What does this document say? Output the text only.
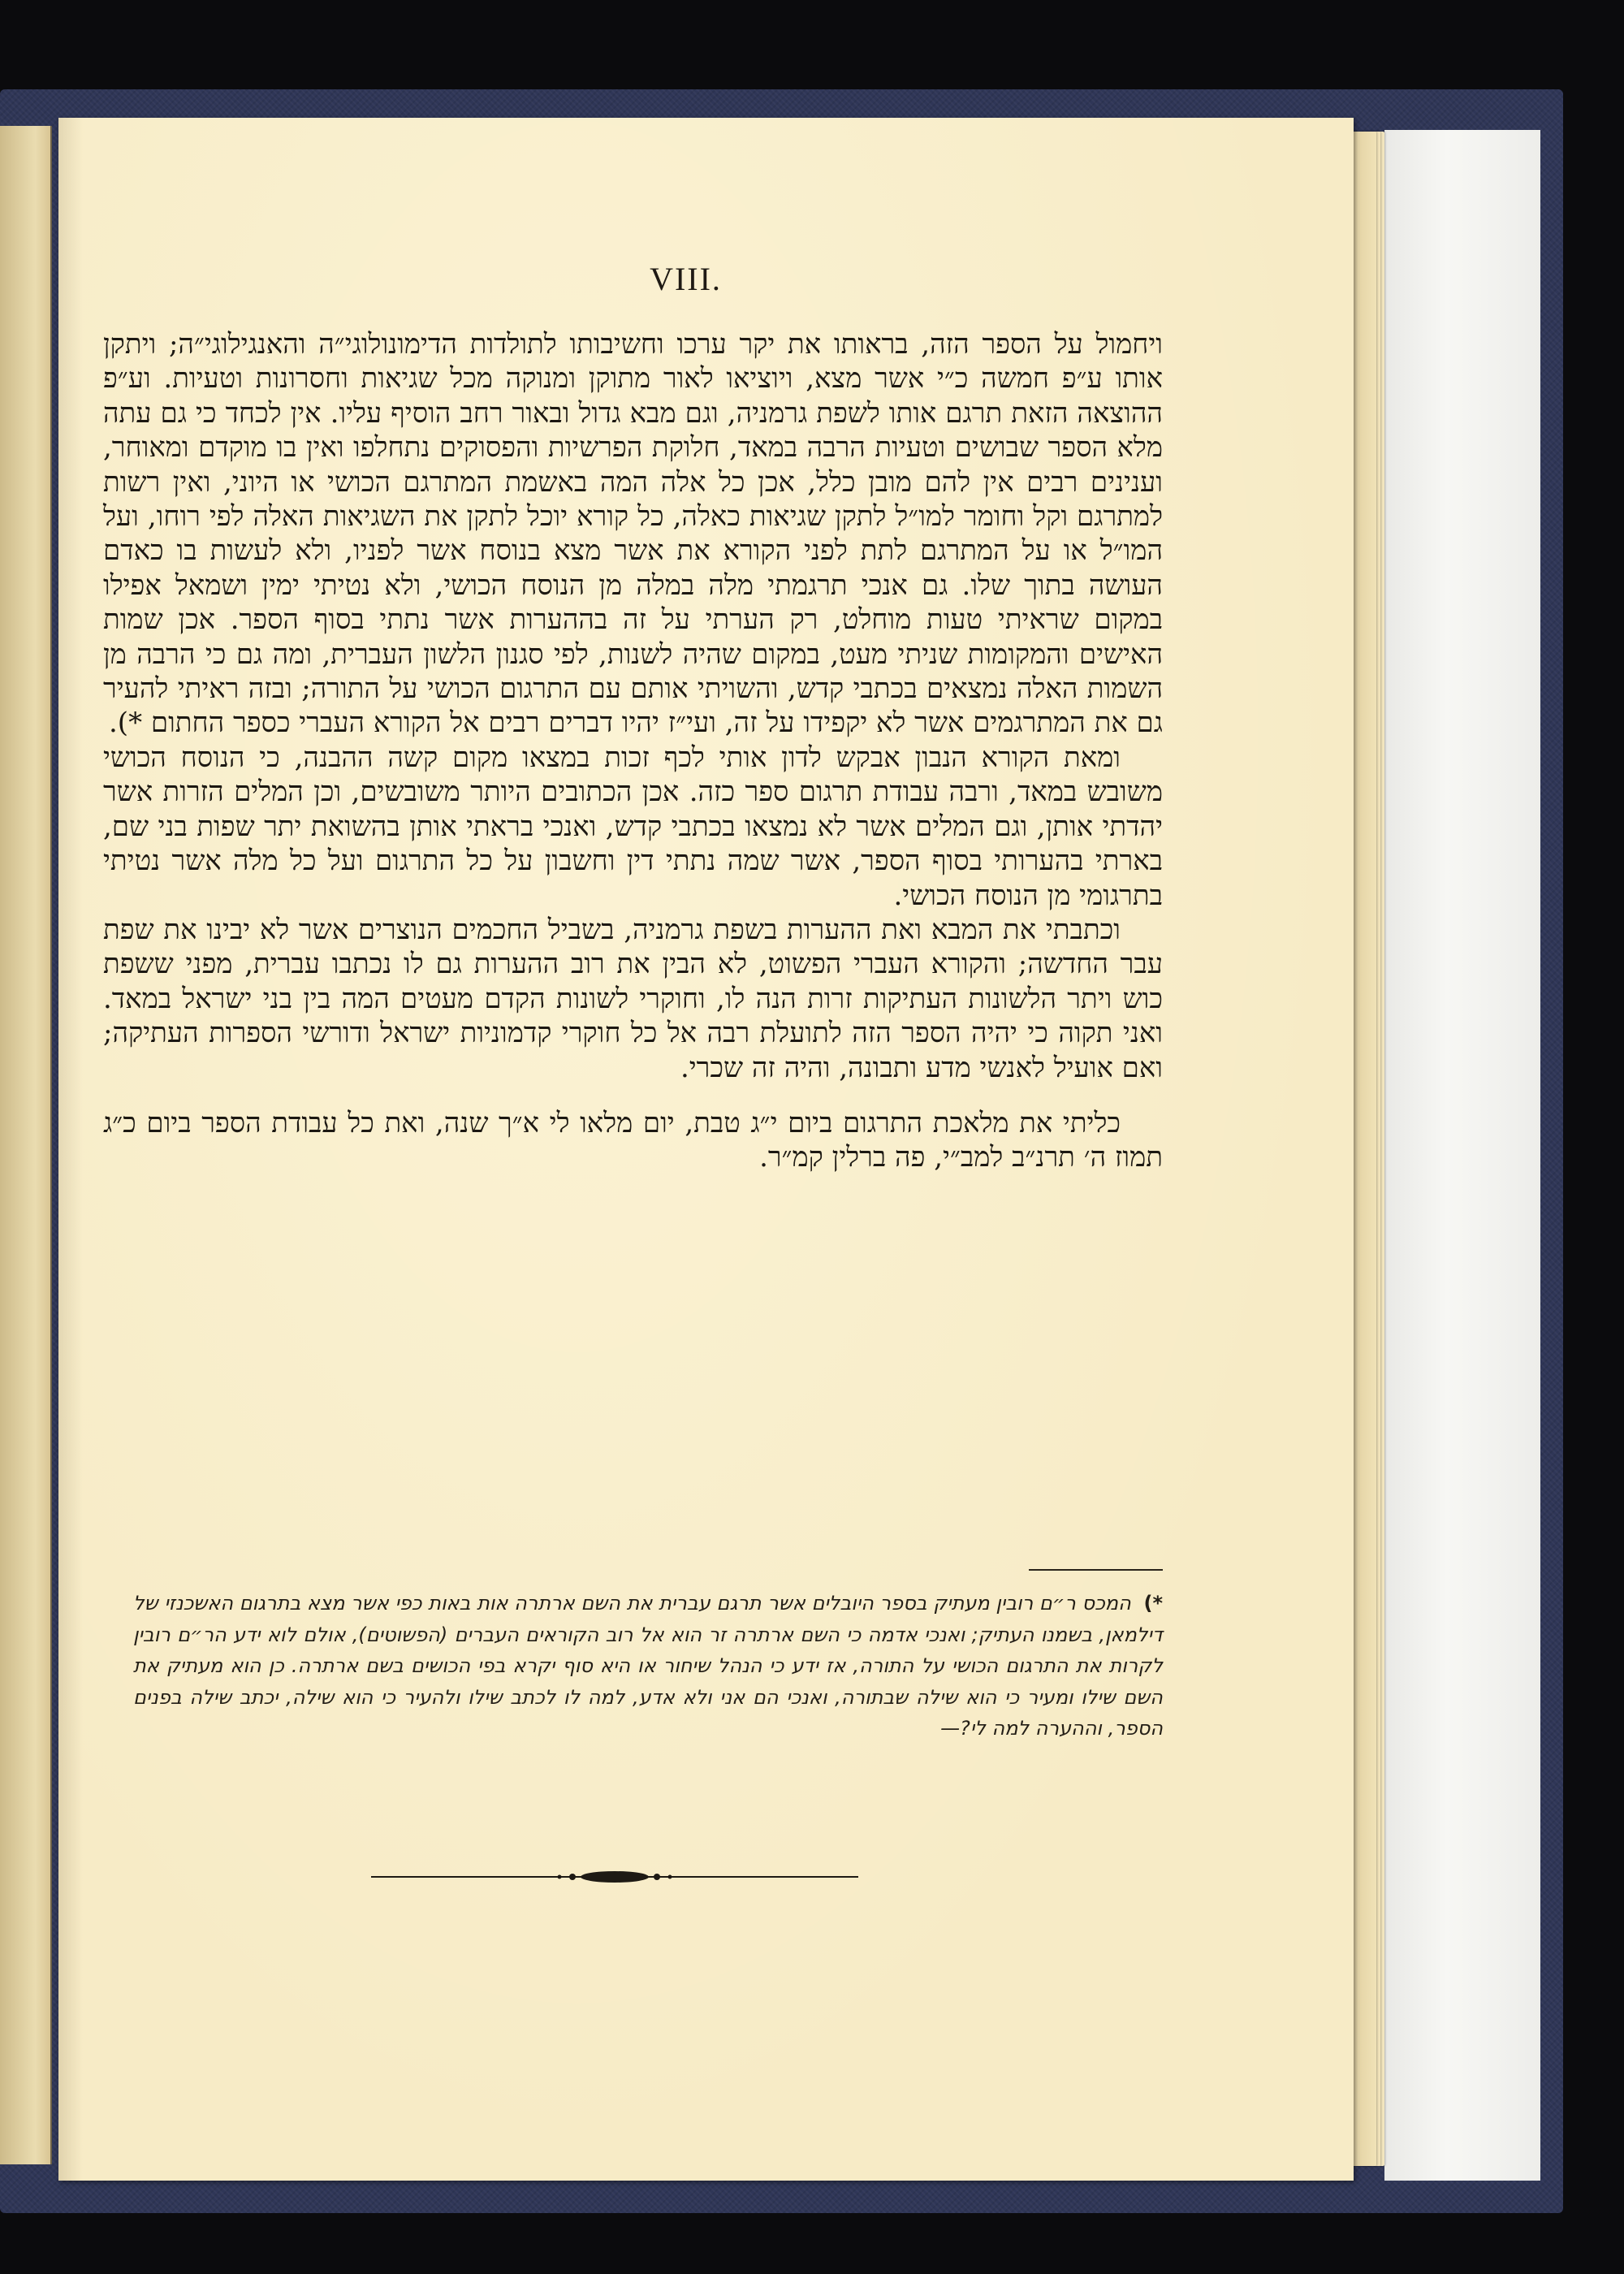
VIII.

ויחמול על הספר הזה, בראותו את יקר ערכו וחשיבותו לתולדות הדימונולוגי״ה והאנגילוגי״ה; ויתקן אותו ע״פ חמשה כ״י אשר מצא, ויוציאו לאור מתוקן ומנוקה מכל שגיאות וחסרונות וטעיות. וע״פ ההוצאה הזאת תרגם אותו לשפת גרמניה, וגם מבא גדול ובאור רחב הוסיף עליו. אין לכחד כי גם עתה מלא הספר שבושים וטעיות הרבה במאד, חלוקת הפרשיות והפסוקים נתחלפו ואין בו מוקדם ומאוחר, וענינים רבים אין להם מובן כלל, אכן כל אלה המה באשמת המתרגם הכושי או היוני, ואין רשות למתרגם וקל וחומר למו״ל לתקן שגיאות כאלה, כל קורא יוכל לתקן את השגיאות האלה לפי רוחו, ועל המו״ל או על המתרגם לתת לפני הקורא את אשר מצא בנוסח אשר לפניו, ולא לעשות בו כאדם העושה בתוך שלו. גם אנכי תרגמתי מלה במלה מן הנוסח הכושי, ולא נטיתי ימין ושמאל אפילו במקום שראיתי טעות מוחלט, רק הערתי על זה בההערות אשר נתתי בסוף הספר. אכן שמות האישים והמקומות שניתי מעט, במקום שהיה לשנות, לפי סגנון הלשון העברית, ומה גם כי הרבה מן השמות האלה נמצאים בכתבי קדש, והשויתי אותם עם התרגום הכושי על התורה; ובזה ראיתי להעיר גם את המתרגמים אשר לא יקפידו על זה, ועי״ז יהיו דברים רבים אל הקורא העברי כספר החתום *).

ומאת הקורא הנבון אבקש לדון אותי לכף זכות במצאו מקום קשה ההבנה, כי הנוסח הכושי משובש במאד, ורבה עבודת תרגום ספר כזה. אכן הכתובים היותר משובשים, וכן המלים הזרות אשר יהדתי אותן, וגם המלים אשר לא נמצאו בכתבי קדש, ואנכי בראתי אותן בהשואת יתר שפות בני שם, בארתי בהערותי בסוף הספר, אשר שמה נתתי דין וחשבון על כל התרגום ועל כל מלה אשר נטיתי בתרגומי מן הנוסח הכושי.

וכתבתי את המבא ואת ההערות בשפת גרמניה, בשביל החכמים הנוצרים אשר לא יבינו את שפת עבר החדשה; והקורא העברי הפשוט, לא הבין את רוב ההערות גם לו נכתבו עברית, מפני ששפת כוש ויתר הלשונות העתיקות זרות הנה לו, וחוקרי לשונות הקדם מעטים המה בין בני ישראל במאד. ואני תקוה כי יהיה הספר הזה לתועלת רבה אל כל חוקרי קדמוניות ישראל ודורשי הספרות העתיקה; ואם אועיל לאנשי מדע ותבונה, והיה זה שכרי.

כליתי את מלאכת התרגום ביום י״ג טבת, יום מלאו לי א״ך שנה, ואת כל עבודת הספר ביום כ״ג תמוז ה׳ תרנ״ב למב״י, פה ברלין קמ״ר.

*) המכס ר״ם רובין מעתיק בספר היובלים אשר תרגם עברית את השם ארתרה אות באות כפי אשר מצא בתרגום האשכנזי של דילמאן, בשמנו העתיק; ואנכי אדמה כי השם ארתרה זר הוא אל רוב הקוראים העברים (הפשוטים), אולם לוא ידע הר״ם רובין לקרות את התרגום הכושי על התורה, אז ידע כי הנהל שיחור או היא סוף יקרא בפי הכושים בשם ארתרה. כן הוא מעתיק את השם שילו ומעיר כי הוא שילה שבתורה, ואנכי הם אני ולא אדע, למה לו לכתב שילו ולהעיר כי הוא שילה, יכתב שילה בפנים הספר, וההערה למה לי?—
